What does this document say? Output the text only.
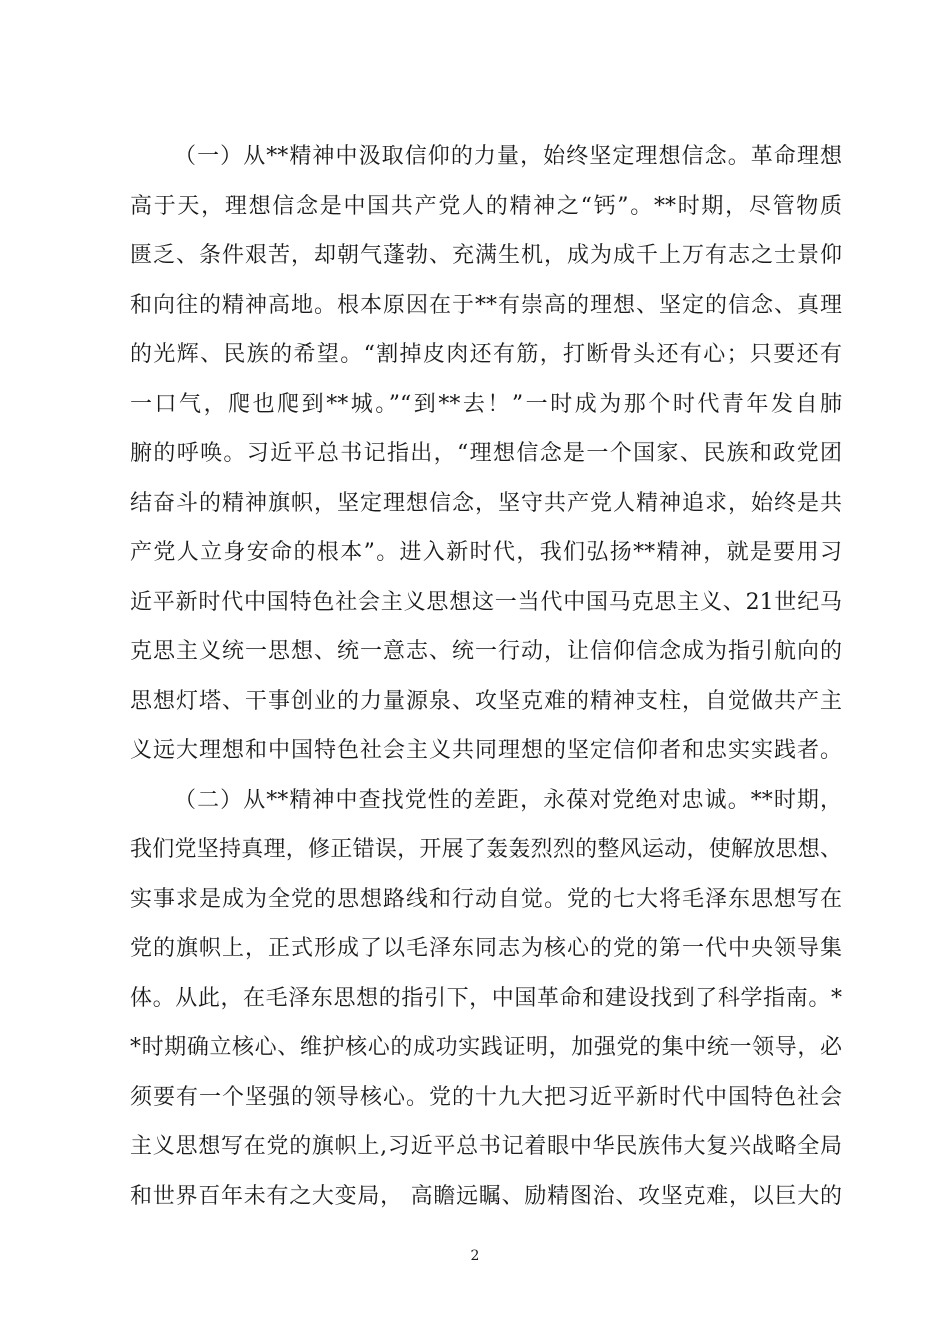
（一）从**精神中汲取信仰的力量，始终坚定理想信念。革命理想
高于天，理想信念是中国共产党人的精神之“钙”。**时期，尽管物质
匮乏、条件艰苦，却朝气蓬勃、充满生机，成为成千上万有志之士景仰
和向往的精神高地。根本原因在于**有崇高的理想、坚定的信念、真理
的光辉、民族的希望。“割掉皮肉还有筋，打断骨头还有心；只要还有
一口气，爬也爬到**城。”“到**去！”一时成为那个时代青年发自肺
腑的呼唤。习近平总书记指出，“理想信念是一个国家、民族和政党团
结奋斗的精神旗帜，坚定理想信念，坚守共产党人精神追求，始终是共
产党人立身安命的根本”。进入新时代，我们弘扬**精神，就是要用习
近平新时代中国特色社会主义思想这一当代中国马克思主义、21世纪马
克思主义统一思想、统一意志、统一行动，让信仰信念成为指引航向的
思想灯塔、干事创业的力量源泉、攻坚克难的精神支柱，自觉做共产主
义远大理想和中国特色社会主义共同理想的坚定信仰者和忠实实践者。
（二）从**精神中查找党性的差距，永葆对党绝对忠诚。**时期，
我们党坚持真理，修正错误，开展了轰轰烈烈的整风运动，使解放思想、
实事求是成为全党的思想路线和行动自觉。党的七大将毛泽东思想写在
党的旗帜上，正式形成了以毛泽东同志为核心的党的第一代中央领导集
体。从此，在毛泽东思想的指引下，中国革命和建设找到了科学指南。*
*时期确立核心、维护核心的成功实践证明，加强党的集中统一领导，必
须要有一个坚强的领导核心。党的十九大把习近平新时代中国特色社会
主义思想写在党的旗帜上,习近平总书记着眼中华民族伟大复兴战略全局
和世界百年未有之大变局， 高瞻远瞩、励精图治、攻坚克难，以巨大的
2
